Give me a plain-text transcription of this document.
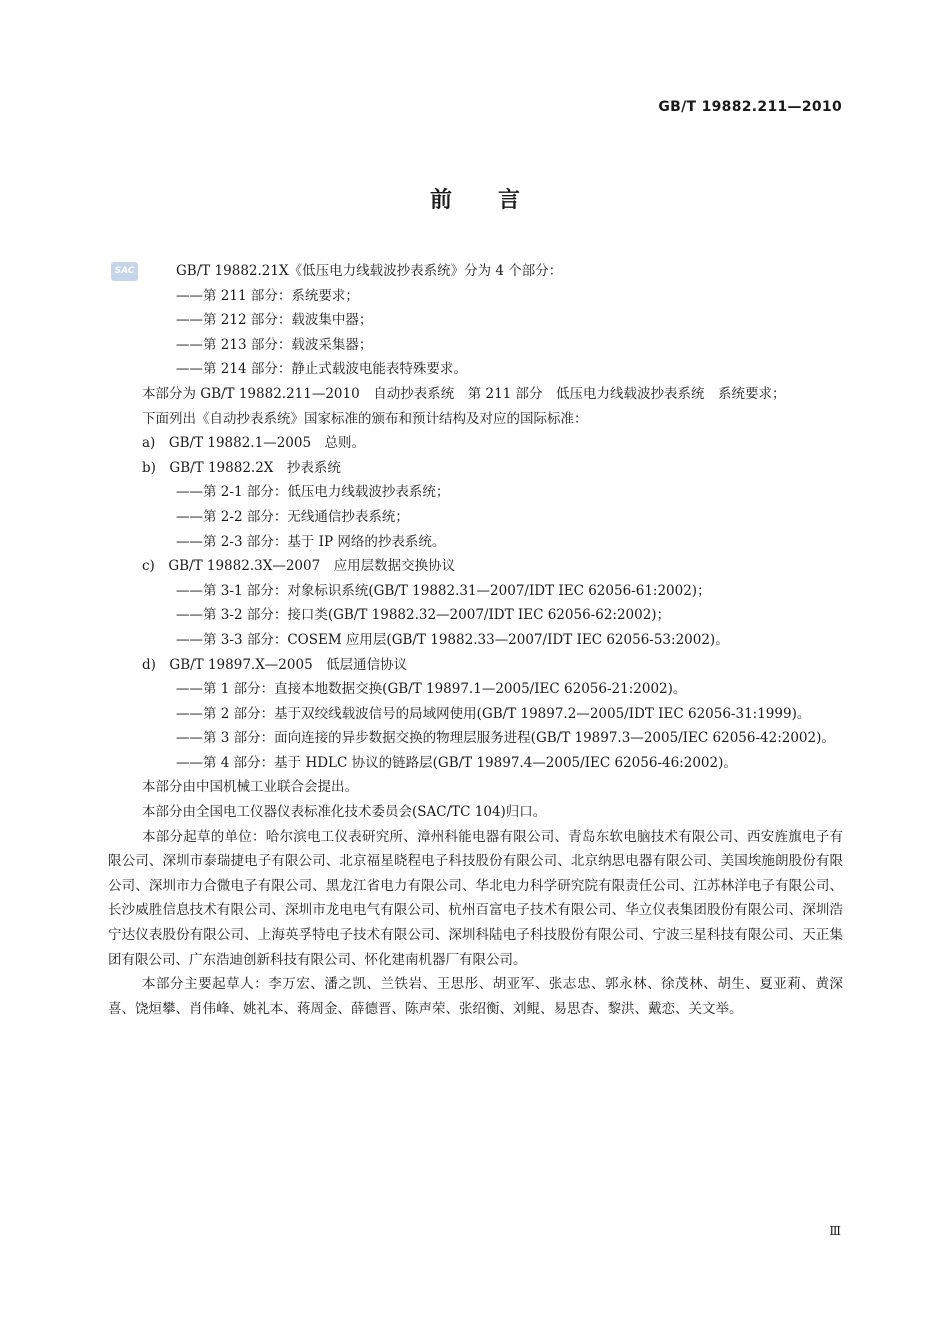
GB/T 19882.211—2010
前言
SAC	GB/T 19882.21X《低压电力线载波抄表系统》分为 4 个部分：

——第 211 部分：系统要求；

——第 212 部分：载波集中器；

——第 213 部分：载波采集器；

——第 214 部分：静止式载波电能表特殊要求。

本部分为 GB/T 19882.211—2010　自动抄表系统　第 211 部分　低压电力线载波抄表系统　系统要求；

下面列出《自动抄表系统》国家标准的颁布和预计结构及对应的国际标准：

a)　GB/T 19882.1—2005　总则。

b)　GB/T 19882.2X　抄表系统

——第 2-1 部分：低压电力线载波抄表系统；

——第 2-2 部分：无线通信抄表系统；

——第 2-3 部分：基于 IP 网络的抄表系统。

c)　GB/T 19882.3X—2007　应用层数据交换协议

——第 3-1 部分：对象标识系统(GB/T 19882.31—2007/IDT IEC 62056-61:2002)；

——第 3-2 部分：接口类(GB/T 19882.32—2007/IDT IEC 62056-62:2002)；

——第 3-3 部分：COSEM 应用层(GB/T 19882.33—2007/IDT IEC 62056-53:2002)。

d)　GB/T 19897.X—2005　低层通信协议

——第 1 部分：直接本地数据交换(GB/T 19897.1—2005/IEC 62056-21:2002)。

——第 2 部分：基于双绞线载波信号的局域网使用(GB/T 19897.2—2005/IDT IEC 62056-31:1999)。

——第 3 部分：面向连接的异步数据交换的物理层服务进程(GB/T 19897.3—2005/IEC 62056-42:2002)。

——第 4 部分：基于 HDLC 协议的链路层(GB/T 19897.4—2005/IEC 62056-46:2002)。

本部分由中国机械工业联合会提出。

本部分由全国电工仪器仪表标准化技术委员会(SAC/TC 104)归口。

本部分起草的单位：哈尔滨电工仪表研究所、漳州科能电器有限公司、青岛东软电脑技术有限公司、西安旌旗电子有限公司、深圳市泰瑞捷电子有限公司、北京福星晓程电子科技股份有限公司、北京纳思电器有限公司、美国埃施朗股份有限公司、深圳市力合微电子有限公司、黑龙江省电力有限公司、华北电力科学研究院有限责任公司、江苏林洋电子有限公司、长沙威胜信息技术有限公司、深圳市龙电电气有限公司、杭州百富电子技术有限公司、华立仪表集团股份有限公司、深圳浩宁达仪表股份有限公司、上海英孚特电子技术有限公司、深圳科陆电子科技股份有限公司、宁波三星科技有限公司、天正集团有限公司、广东浩迪创新科技有限公司、怀化建南机器厂有限公司。

本部分主要起草人：李万宏、潘之凯、兰铁岩、王思彤、胡亚军、张志忠、郭永林、徐茂林、胡生、夏亚莉、黄深喜、饶烜攀、肖伟峰、姚礼本、蒋周金、薛德晋、陈声荣、张绍衡、刘鲲、易思杏、黎洪、戴恋、关文举。

Ⅲ
